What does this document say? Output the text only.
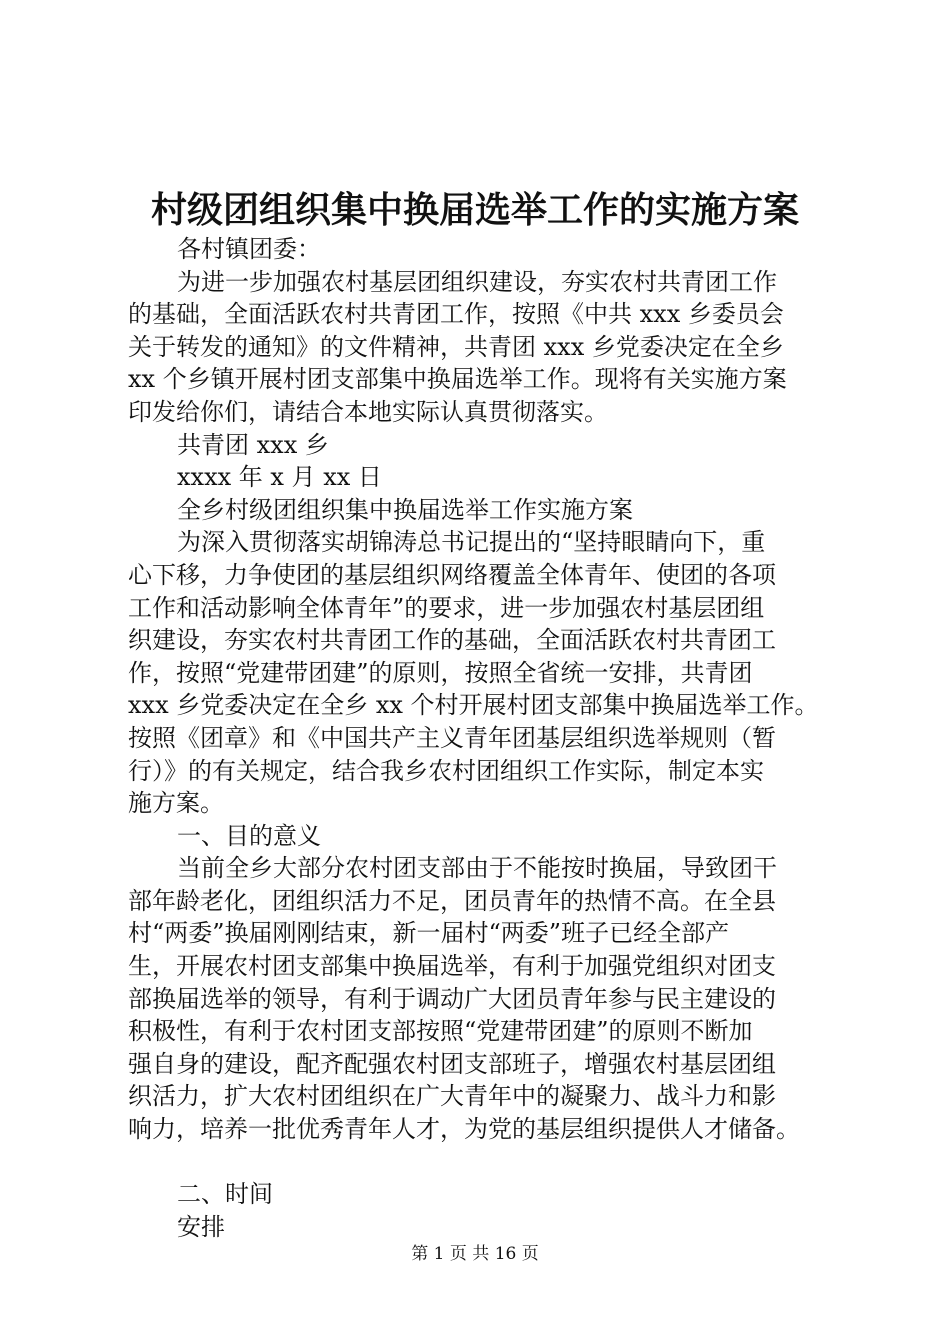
村级团组织集中换届选举工作的实施方案
各村镇团委：
为进一步加强农村基层团组织建设，夯实农村共青团工作
的基础，全面活跃农村共青团工作，按照《中共 xxx 乡委员会
关于转发的通知》的文件精神，共青团 xxx 乡党委决定在全乡
xx 个乡镇开展村团支部集中换届选举工作。现将有关实施方案
印发给你们，请结合本地实际认真贯彻落实。
共青团 xxx 乡
xxxx 年 x 月 xx 日
全乡村级团组织集中换届选举工作实施方案
为深入贯彻落实胡锦涛总书记提出的“坚持眼睛向下，重
心下移，力争使团的基层组织网络覆盖全体青年、使团的各项
工作和活动影响全体青年”的要求，进一步加强农村基层团组
织建设，夯实农村共青团工作的基础，全面活跃农村共青团工
作，按照“党建带团建”的原则，按照全省统一安排，共青团
xxx 乡党委决定在全乡 xx 个村开展村团支部集中换届选举工作。
按照《团章》和《中国共产主义青年团基层组织选举规则（暂
行）》的有关规定，结合我乡农村团组织工作实际，制定本实
施方案。
一、目的意义
当前全乡大部分农村团支部由于不能按时换届，导致团干
部年龄老化，团组织活力不足，团员青年的热情不高。在全县
村“两委”换届刚刚结束，新一届村“两委”班子已经全部产
生，开展农村团支部集中换届选举，有利于加强党组织对团支
部换届选举的领导，有利于调动广大团员青年参与民主建设的
积极性，有利于农村团支部按照“党建带团建”的原则不断加
强自身的建设，配齐配强农村团支部班子，增强农村基层团组
织活力，扩大农村团组织在广大青年中的凝聚力、战斗力和影
响力，培养一批优秀青年人才，为党的基层组织提供人才储备。
二、时间
安排
第 1 页 共 16 页
